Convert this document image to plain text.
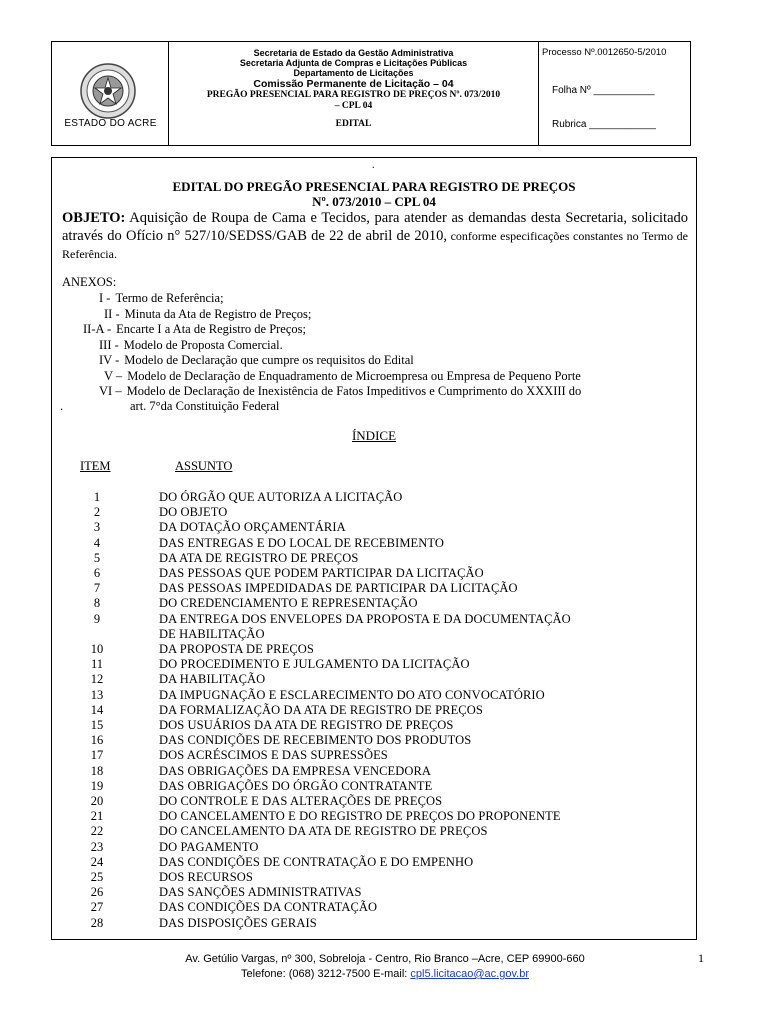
ESTADO DO ACRE
Secretaria de Estado da Gestão Administrativa
Secretaria Adjunta de Compras e Licitações Públicas
Departamento de Licitações
Comissão Permanente de Licitação – 04
PREGÃO PRESENCIAL PARA REGISTRO DE PREÇOS Nº. 073/2010
– CPL 04
EDITAL
Processo Nº.0012650-5/2010
Folha Nº ___________
Rubrica ____________
.
EDITAL DO PREGÃO PRESENCIAL PARA REGISTRO DE PREÇOS
Nº. 073/2010 – CPL 04
OBJETO: Aquisição de Roupa de Cama e Tecidos, para atender as demandas desta Secretaria, solicitado através do Ofício n° 527/10/SEDSS/GAB de 22 de abril de 2010, conforme especificações constantes no Termo de Referência.
ANEXOS:
I - Termo de Referência;
II - Minuta da Ata de Registro de Preços;
II-A - Encarte I a Ata de Registro de Preços;
III - Modelo de Proposta Comercial.
IV - Modelo de Declaração que cumpre os requisitos do Edital
V – Modelo de Declaração de Enquadramento de Microempresa ou Empresa de Pequeno Porte
VI – Modelo de Declaração de Inexistência de Fatos Impeditivos e Cumprimento do XXXIII do
.	art. 7°da Constituição Federal
ÍNDICE
ITEM	ASSUNTO
1	DO ÓRGÃO QUE AUTORIZA A LICITAÇÃO
2	DO OBJETO
3	DA DOTAÇÃO ORÇAMENTÁRIA
4	DAS ENTREGAS E DO LOCAL DE RECEBIMENTO
5	DA ATA DE REGISTRO DE PREÇOS
6	DAS PESSOAS QUE PODEM PARTICIPAR DA LICITAÇÃO
7	DAS PESSOAS IMPEDIDADAS DE PARTICIPAR DA LICITAÇÃO
8	DO CREDENCIAMENTO E REPRESENTAÇÃO
9	DA ENTREGA DOS ENVELOPES DA PROPOSTA E DA DOCUMENTAÇÃO
DE HABILITAÇÃO
10	DA PROPOSTA DE PREÇOS
11	DO PROCEDIMENTO E JULGAMENTO DA LICITAÇÃO
12	DA HABILITAÇÃO
13	DA IMPUGNAÇÃO E ESCLARECIMENTO DO ATO CONVOCATÓRIO
14	DA FORMALIZAÇÃO DA ATA DE REGISTRO DE PREÇOS
15	DOS USUÁRIOS DA ATA DE REGISTRO DE PREÇOS
16	DAS CONDIÇÕES DE RECEBIMENTO DOS PRODUTOS
17	DOS ACRÉSCIMOS E DAS SUPRESSÕES
18	DAS OBRIGAÇÕES DA EMPRESA VENCEDORA
19	DAS OBRIGAÇÕES DO ÓRGÃO CONTRATANTE
20	DO CONTROLE E DAS ALTERAÇÕES DE PREÇOS
21	DO CANCELAMENTO E DO REGISTRO DE PREÇOS DO PROPONENTE
22	DO CANCELAMENTO DA ATA DE REGISTRO DE PREÇOS
23	DO PAGAMENTO
24	DAS CONDIÇÕES DE CONTRATAÇÃO E DO EMPENHO
25	DOS RECURSOS
26	DAS SANÇÕES ADMINISTRATIVAS
27	DAS CONDIÇÕES DA CONTRATAÇÃO
28	DAS DISPOSIÇÕES GERAIS
Av. Getúlio Vargas, nº 300, Sobreloja - Centro, Rio Branco –Acre, CEP 69900-660
Telefone: (068) 3212-7500 E-mail: cpl5.licitacao@ac.gov.br
1
